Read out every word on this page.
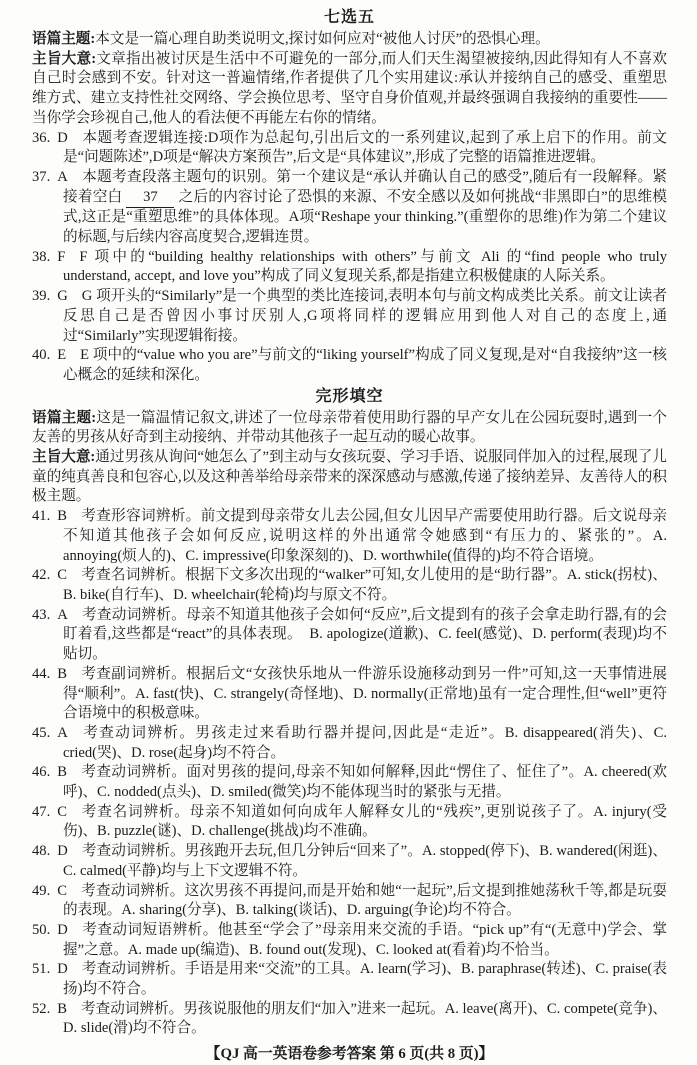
七选五

语篇主题:本文是一篇心理自助类说明文,探讨如何应对“被他人讨厌”的恐惧心理。

主旨大意:文章指出被讨厌是生活中不可避免的一部分,而人们天生渴望被接纳,因此得知有人不喜欢自己时会感到不安。针对这一普遍情绪,作者提供了几个实用建议:承认并接纳自己的感受、重塑思维方式、建立支持性社交网络、学会换位思考、坚守自身价值观,并最终强调自我接纳的重要性——当你学会珍视自己,他人的看法便不再能左右你的情绪。

36. D 本题考查逻辑连接:D项作为总起句,引出后文的一系列建议,起到了承上启下的作用。前文是“问题陈述”,D项是“解决方案预告”,后文是“具体建议”,形成了完整的语篇推进逻辑。
37. A 本题考查段落主题句的识别。第一个建议是“承认并确认自己的感受”,随后有一段解释。紧接着空白 37 之后的内容讨论了恐惧的来源、不安全感以及如何挑战“非黑即白”的思维模式,这正是“重塑思维”的具体体现。A项“Reshape your thinking.”(重塑你的思维)作为第二个建议的标题,与后续内容高度契合,逻辑连贯。
38. F F 项中的“building healthy relationships with others”与前文 Ali 的“find people who truly understand, accept, and love you”构成了同义复现关系,都是指建立积极健康的人际关系。
39. G G 项开头的“Similarly”是一个典型的类比连接词,表明本句与前文构成类比关系。前文让读者反思自己是否曾因小事讨厌别人,G项将同样的逻辑应用到他人对自己的态度上,通过“Similarly”实现逻辑衔接。
40. E E 项中的“value who you are”与前文的“liking yourself”构成了同义复现,是对“自我接纳”这一核心概念的延续和深化。
完形填空

语篇主题:这是一篇温情记叙文,讲述了一位母亲带着使用助行器的早产女儿在公园玩耍时,遇到一个友善的男孩从好奇到主动接纳、并带动其他孩子一起互动的暖心故事。

主旨大意:通过男孩从询问“她怎么了”到主动与女孩玩耍、学习手语、说服同伴加入的过程,展现了儿童的纯真善良和包容心,以及这种善举给母亲带来的深深感动与感激,传递了接纳差异、友善待人的积极主题。

41. B 考查形容词辨析。前文提到母亲带女儿去公园,但女儿因早产需要使用助行器。后文说母亲不知道其他孩子会如何反应,说明这样的外出通常令她感到“有压力的、紧张的”。A. annoying(烦人的)、C. impressive(印象深刻的)、D. worthwhile(值得的)均不符合语境。
42. C 考查名词辨析。根据下文多次出现的“walker”可知,女儿使用的是“助行器”。A. stick(拐杖)、B. bike(自行车)、D. wheelchair(轮椅)均与原文不符。
43. A 考查动词辨析。母亲不知道其他孩子会如何“反应”,后文提到有的孩子会拿走助行器,有的会盯着看,这些都是“react”的具体表现。　B. apologize(道歉)、C. feel(感觉)、D. perform(表现)均不贴切。
44. B 考查副词辨析。根据后文“女孩快乐地从一件游乐设施移动到另一件”可知,这一天事情进展得“顺利”。A. fast(快)、C. strangely(奇怪地)、D. normally(正常地)虽有一定合理性,但“well”更符合语境中的积极意味。
45. A 考查动词辨析。男孩走过来看助行器并提问,因此是“走近”。B. disappeared(消失)、C. cried(哭)、D. rose(起身)均不符合。
46. B 考查动词辨析。面对男孩的提问,母亲不知如何解释,因此“愣住了、怔住了”。A. cheered(欢呼)、C. nodded(点头)、D. smiled(微笑)均不能体现当时的紧张与无措。
47. C 考查名词辨析。母亲不知道如何向成年人解释女儿的“残疾”,更别说孩子了。A. injury(受伤)、B. puzzle(谜)、D. challenge(挑战)均不准确。
48. D 考查动词辨析。男孩跑开去玩,但几分钟后“回来了”。A. stopped(停下)、B. wandered(闲逛)、C. calmed(平静)均与上下文逻辑不符。
49. C 考查动词辨析。这次男孩不再提问,而是开始和她“一起玩”,后文提到推她荡秋千等,都是玩耍的表现。A. sharing(分享)、B. talking(谈话)、D. arguing(争论)均不符合。
50. D 考查动词短语辨析。他甚至“学会了”母亲用来交流的手语。“pick up”有“(无意中)学会、掌握”之意。A. made up(编造)、B. found out(发现)、C. looked at(看着)均不恰当。
51. D 考查动词辨析。手语是用来“交流”的工具。A. learn(学习)、B. paraphrase(转述)、C. praise(表扬)均不符合。
52. B 考查动词辨析。男孩说服他的朋友们“加入”进来一起玩。A. leave(离开)、C. compete(竞争)、D. slide(滑)均不符合。
【QJ 高一英语卷参考答案 第 6 页(共 8 页)】
